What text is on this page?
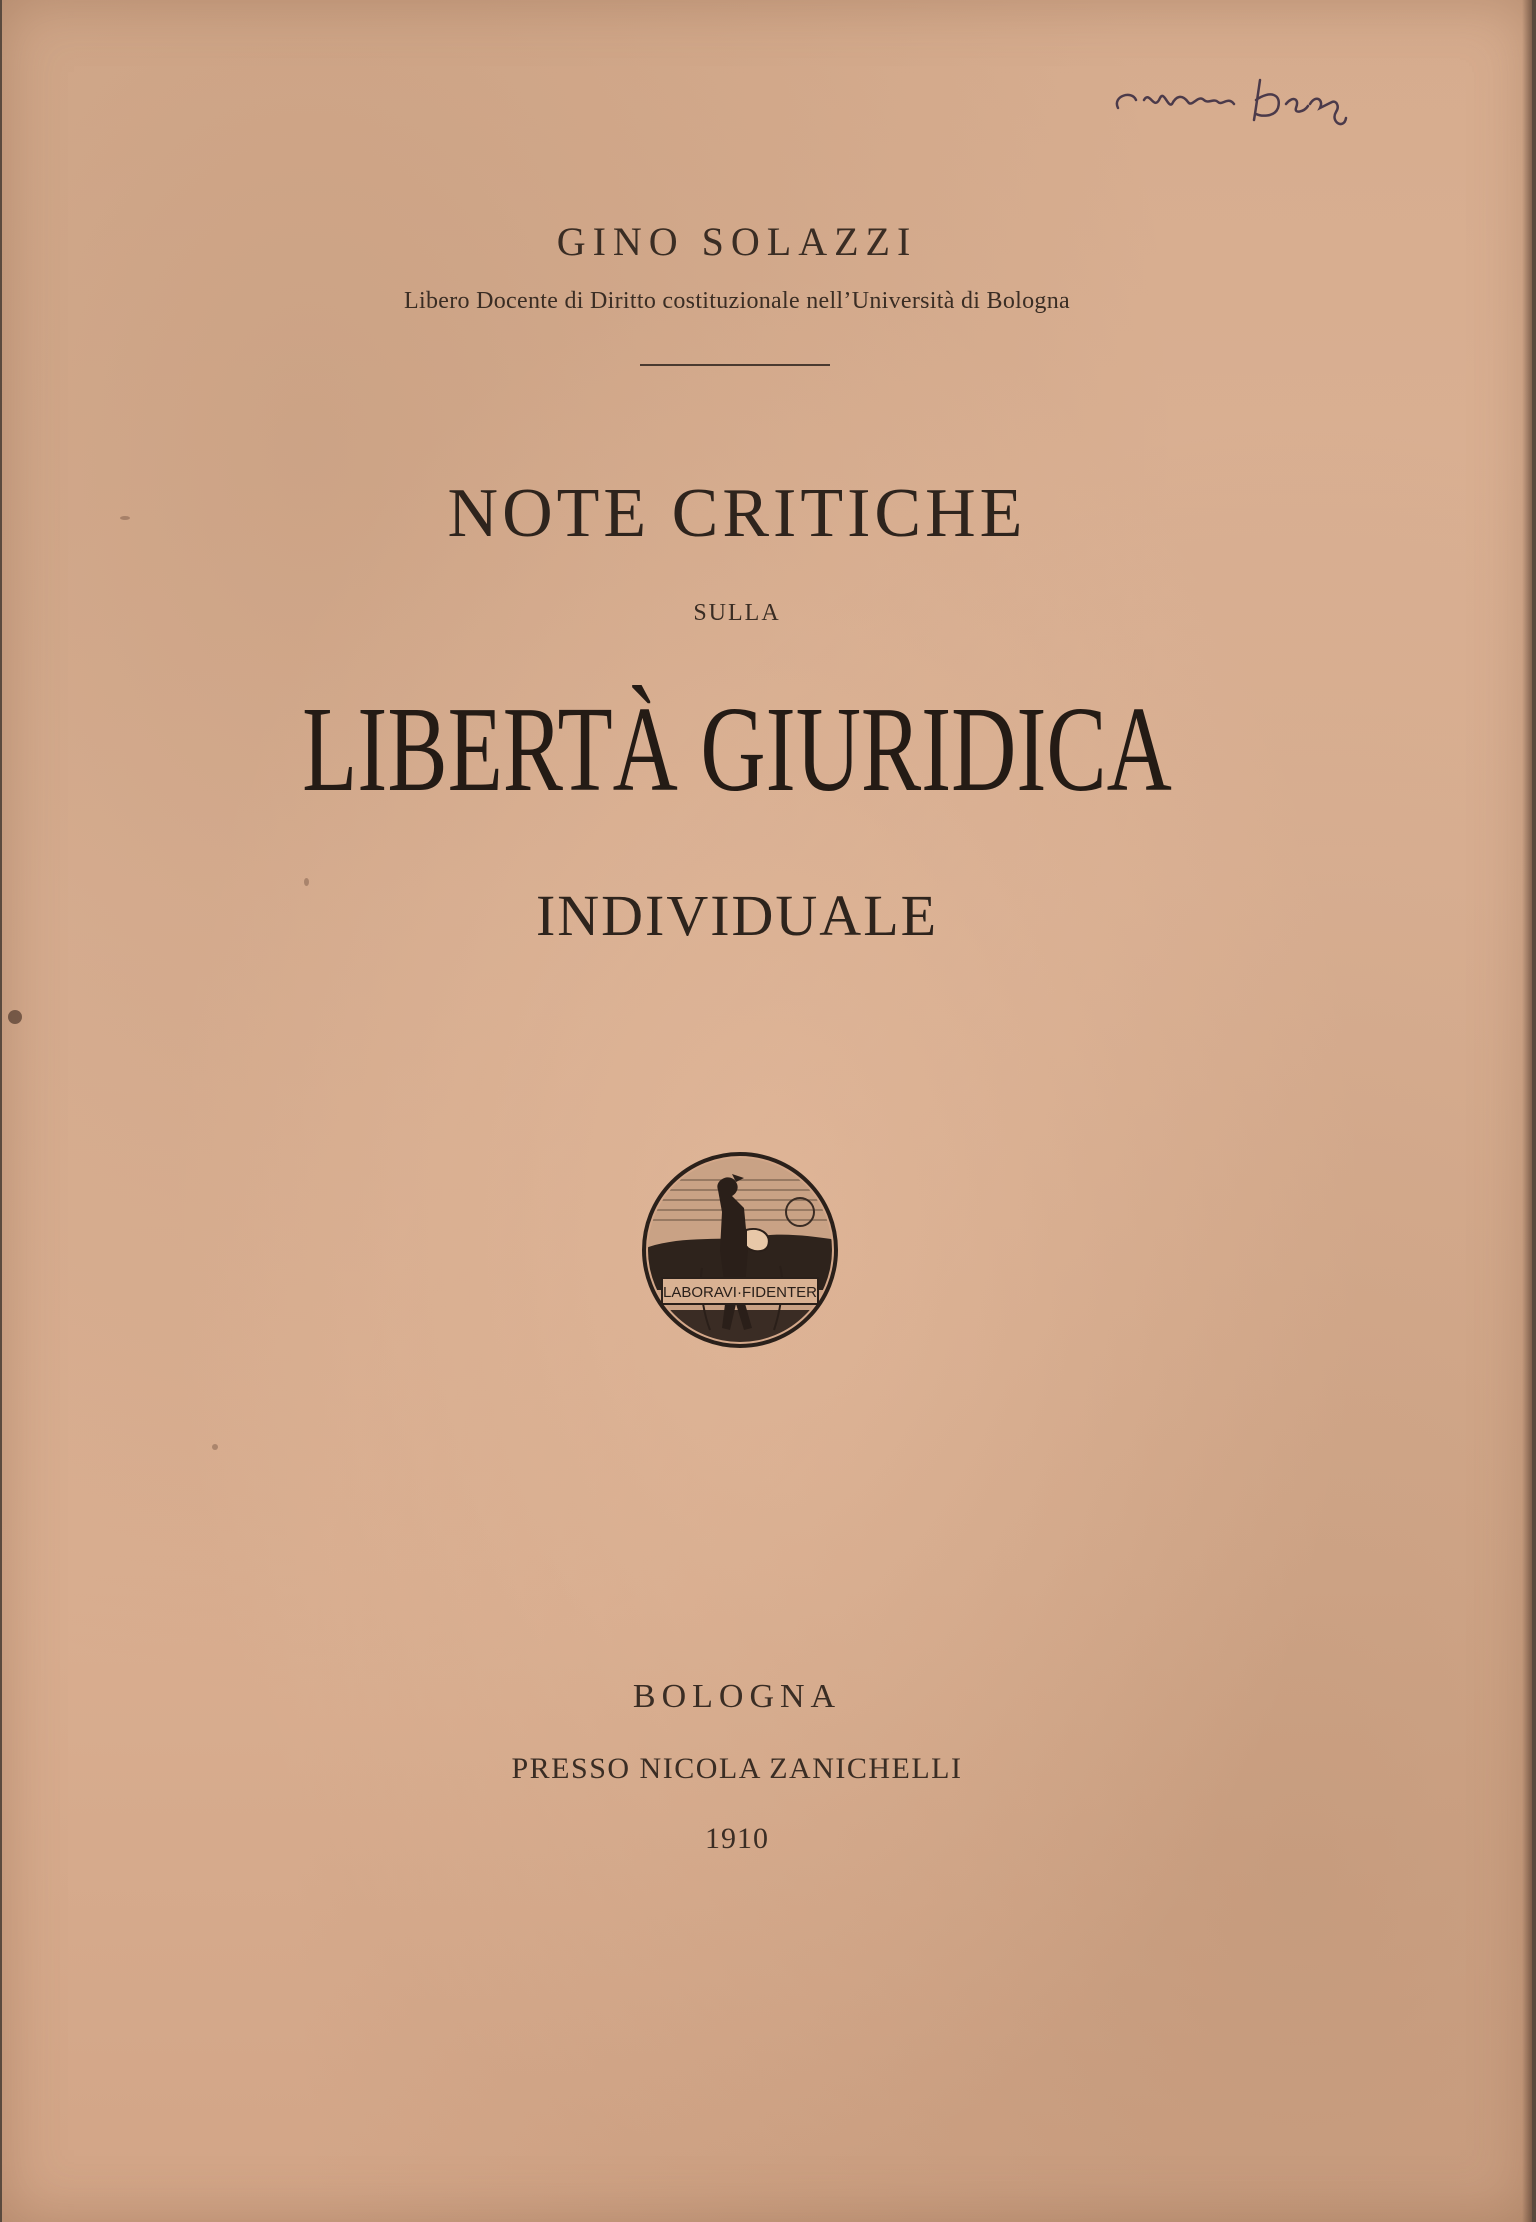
GINO SOLAZZI
Libero Docente di Diritto costituzionale nell’Università di Bologna
NOTE CRITICHE
SULLA
LIBERTÀ GIURIDICA
INDIVIDUALE
LABORAVI·FIDENTER
BOLOGNA
PRESSO NICOLA ZANICHELLI
1910
